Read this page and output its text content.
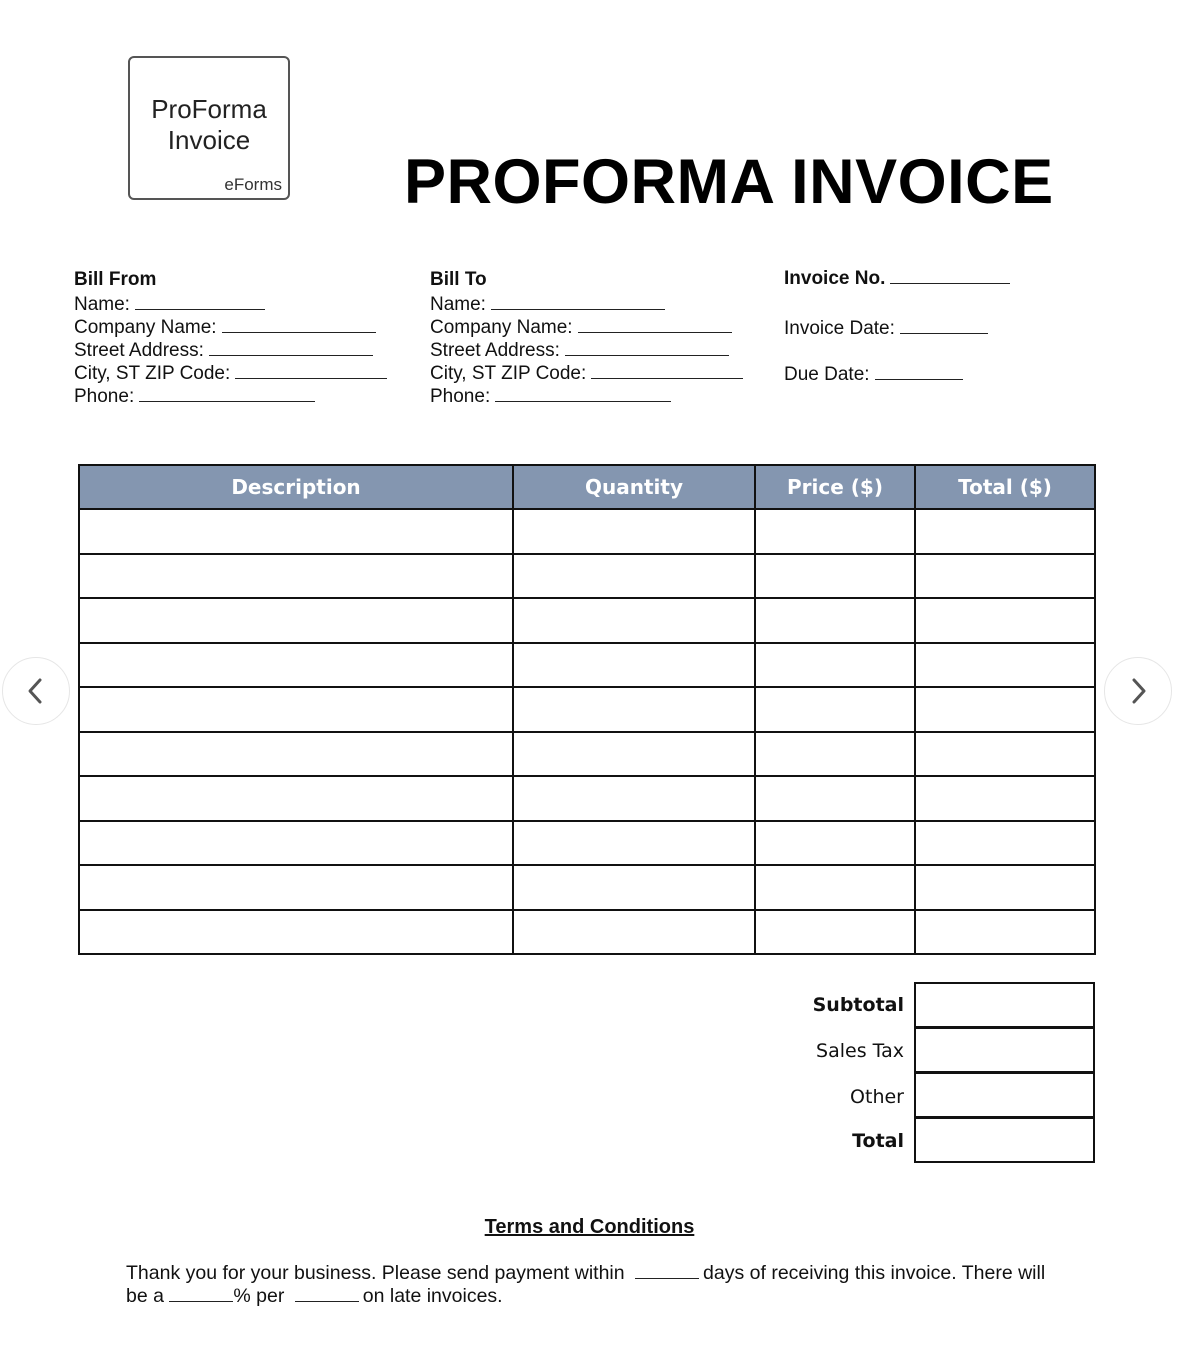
ProForma
Invoice
eForms PROFORMA INVOICE
Bill From
Name:
Company Name:
Street Address:
City, ST ZIP Code:
Phone:
Bill To
Name:
Company Name:
Street Address:
City, ST ZIP Code:
Phone:
Invoice No.
Invoice Date:
Due Date:
Description	Quantity	Price ($)	Total ($)

Subtotal
Sales Tax
Other
Total
Terms and Conditions
Thank you for your business. Please send payment within	days of receiving this invoice. There will be a	% per	on late invoices.
